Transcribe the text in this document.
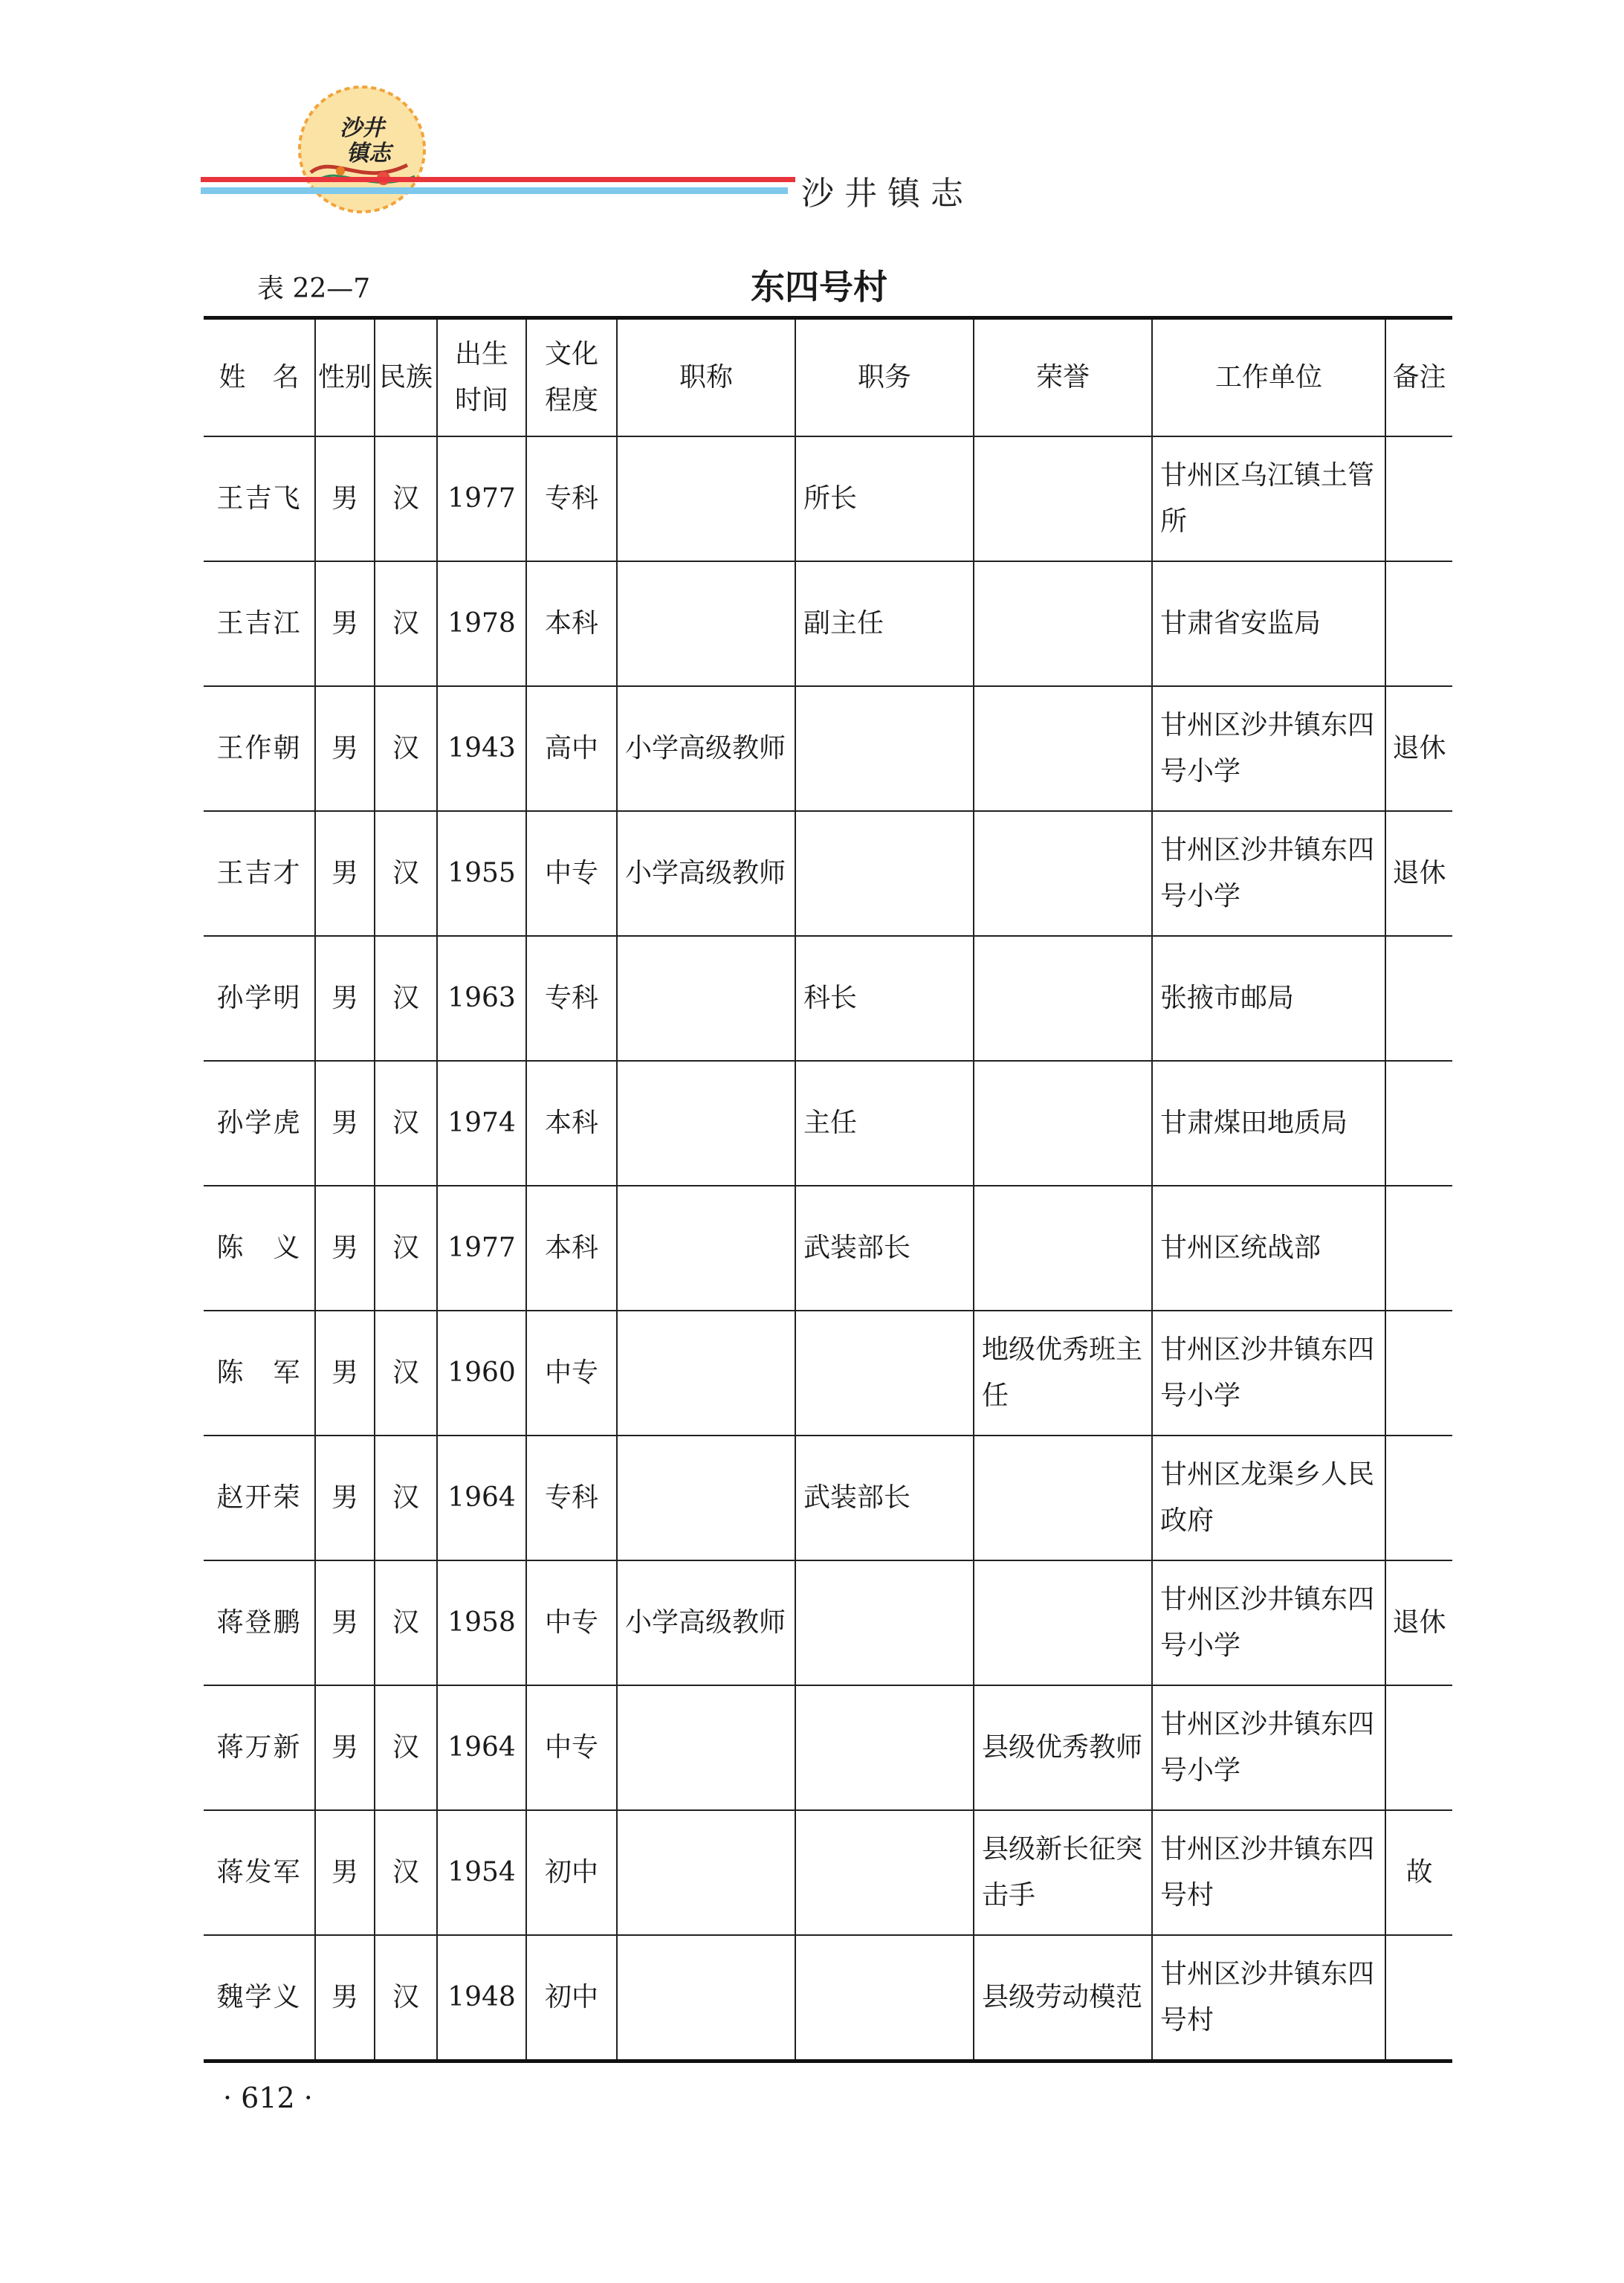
沙井
镇志
沙井镇志
表 22—7	东四号村
姓　名	性别	民族	出生时间	文化程度	职称	职务	荣誉	工作单位	备注
王吉飞	男	汉	1977	专科		所长		甘州区乌江镇土管所	
王吉江	男	汉	1978	本科		副主任		甘肃省安监局	
王作朝	男	汉	1943	高中	小学高级教师			甘州区沙井镇东四号小学	退休
王吉才	男	汉	1955	中专	小学高级教师			甘州区沙井镇东四号小学	退休
孙学明	男	汉	1963	专科		科长		张掖市邮局	
孙学虎	男	汉	1974	本科		主任		甘肃煤田地质局	
陈　义	男	汉	1977	本科		武装部长		甘州区统战部	
陈　军	男	汉	1960	中专			地级优秀班主任	甘州区沙井镇东四号小学	
赵开荣	男	汉	1964	专科		武装部长		甘州区龙渠乡人民政府	
蒋登鹏	男	汉	1958	中专	小学高级教师			甘州区沙井镇东四号小学	退休
蒋万新	男	汉	1964	中专			县级优秀教师	甘州区沙井镇东四号小学	
蒋发军	男	汉	1954	初中			县级新长征突击手	甘州区沙井镇东四号村	故
魏学义	男	汉	1948	初中			县级劳动模范	甘州区沙井镇东四号村	
· 612 ·
